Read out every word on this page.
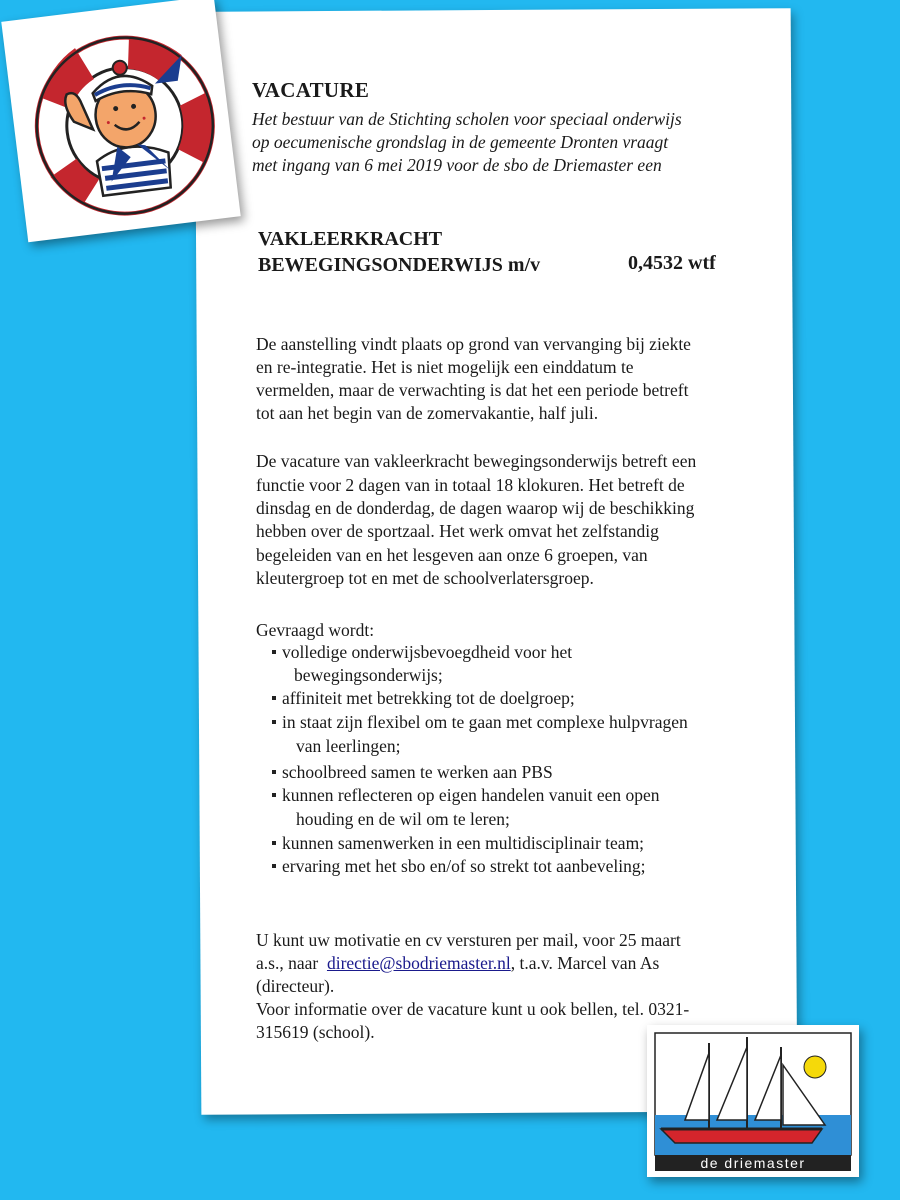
VACATURE
Het bestuur van de Stichting scholen voor speciaal onderwijs
op oecumenische grondslag in de gemeente Dronten vraagt
met ingang van 6 mei 2019 voor de sbo de Driemaster een
VAKLEERKRACHT
BEWEGINGSONDERWIJS m/v	0,4532 wtf
De aanstelling vindt plaats op grond van vervanging bij ziekte
en re-integratie. Het is niet mogelijk een einddatum te
vermelden, maar de verwachting is dat het een periode betreft
tot aan het begin van de zomervakantie, half juli.
De vacature van vakleerkracht bewegingsonderwijs betreft een
functie voor 2 dagen van in totaal 18 klokuren. Het betreft de
dinsdag en de donderdag, de dagen waarop wij de beschikking
hebben over de sportzaal. Het werk omvat het zelfstandig
begeleiden van en het lesgeven aan onze 6 groepen, van
kleutergroep tot en met de schoolverlatersgroep.
Gevraagd wordt:
volledige onderwijsbevoegdheid voor het
bewegingsonderwijs;
affiniteit met betrekking tot de doelgroep;
in staat zijn flexibel om te gaan met complexe hulpvragen
van leerlingen;
schoolbreed samen te werken aan PBS
kunnen reflecteren op eigen handelen vanuit een open
houding en de wil om te leren;
kunnen samenwerken in een multidisciplinair team;
ervaring met het sbo en/of so strekt tot aanbeveling;
U kunt uw motivatie en cv versturen per mail, voor 25 maart
a.s., naar directie@sbodriemaster.nl, t.a.v. Marcel van As
(directeur).
Voor informatie over de vacature kunt u ook bellen, tel. 0321-
315619 (school).
de driemaster
